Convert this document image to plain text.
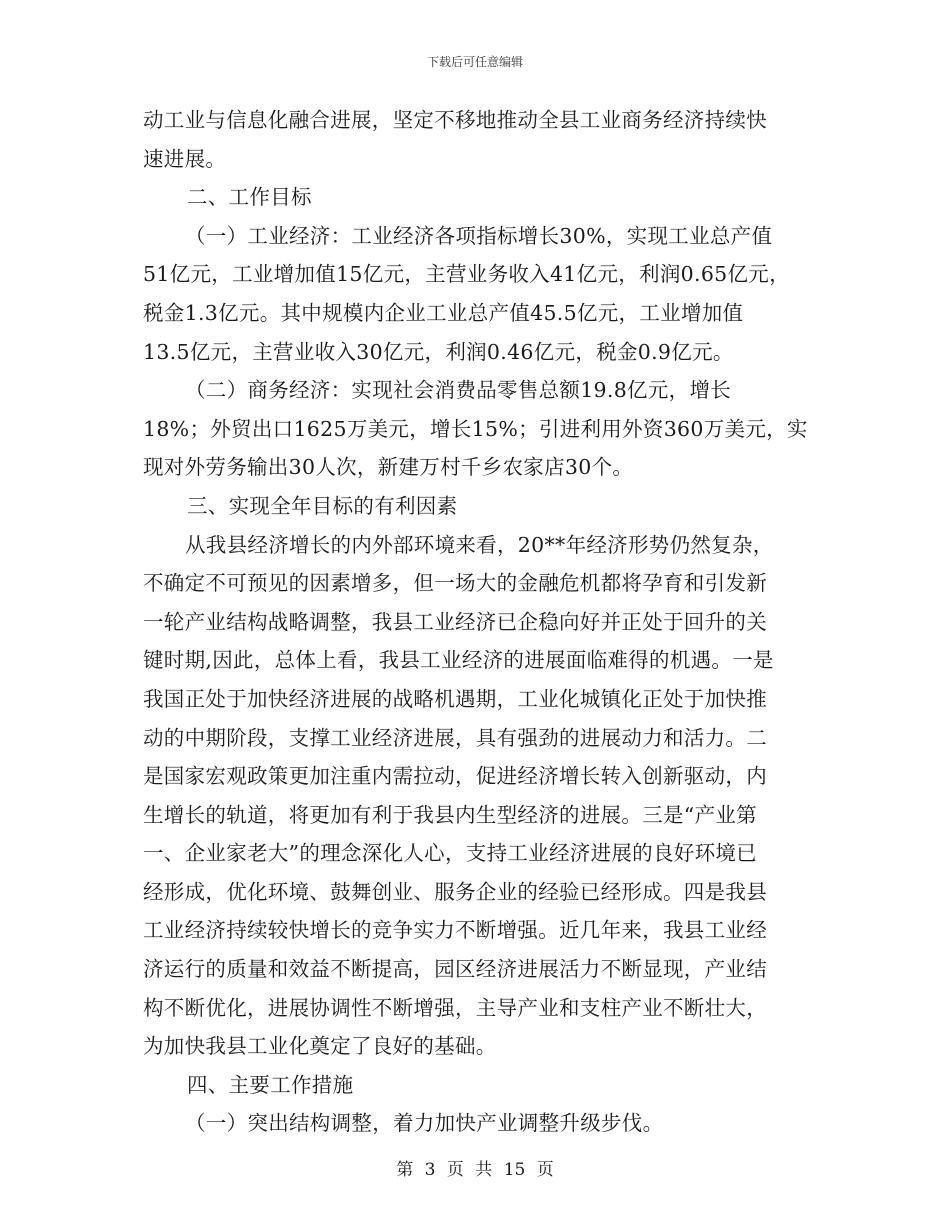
下载后可任意编辑
动工业与信息化融合进展，坚定不移地推动全县工业商务经济持续快
速进展。
二、工作目标
（一）工业经济：工业经济各项指标增长30%，实现工业总产值
51亿元，工业增加值15亿元，主营业务收入41亿元，利润0.65亿元，
税金1.3亿元。其中规模内企业工业总产值45.5亿元，工业增加值
13.5亿元，主营业收入30亿元，利润0.46亿元，税金0.9亿元。
（二）商务经济：实现社会消费品零售总额19.8亿元，增长
18%；外贸出口1625万美元，增长15%；引进利用外资360万美元，实
现对外劳务输出30人次，新建万村千乡农家店30个。
三、实现全年目标的有利因素
从我县经济增长的内外部环境来看，20**年经济形势仍然复杂，
不确定不可预见的因素增多，但一场大的金融危机都将孕育和引发新
一轮产业结构战略调整，我县工业经济已企稳向好并正处于回升的关
键时期,因此，总体上看，我县工业经济的进展面临难得的机遇。一是
我国正处于加快经济进展的战略机遇期，工业化城镇化正处于加快推
动的中期阶段，支撑工业经济进展，具有强劲的进展动力和活力。二
是国家宏观政策更加注重内需拉动，促进经济增长转入创新驱动，内
生增长的轨道，将更加有利于我县内生型经济的进展。三是“产业第
一、企业家老大”的理念深化人心，支持工业经济进展的良好环境已
经形成，优化环境、鼓舞创业、服务企业的经验已经形成。四是我县
工业经济持续较快增长的竞争实力不断增强。近几年来，我县工业经
济运行的质量和效益不断提高，园区经济进展活力不断显现，产业结
构不断优化，进展协调性不断增强，主导产业和支柱产业不断壮大，
为加快我县工业化奠定了良好的基础。
四、主要工作措施
（一）突出结构调整，着力加快产业调整升级步伐。
第 3 页 共 15 页
